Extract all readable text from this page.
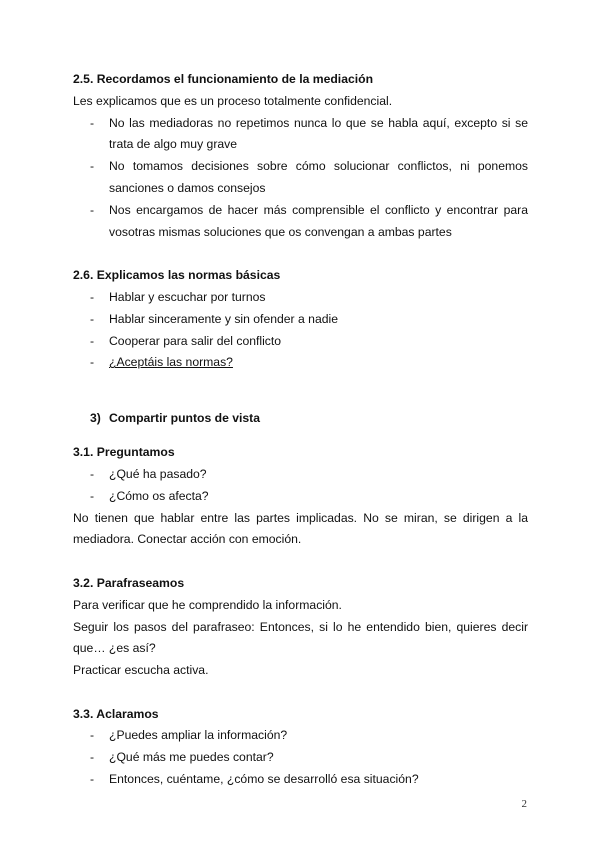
2.5. Recordamos el funcionamiento de la mediación

Les explicamos que es un proceso totalmente confidencial.

- No las mediadoras no repetimos nunca lo que se habla aquí, excepto si se trata de algo muy grave
- No tomamos decisiones sobre cómo solucionar conflictos, ni ponemos sanciones o damos consejos
- Nos encargamos de hacer más comprensible el conflicto y encontrar para vosotras mismas soluciones que os convengan a ambas partes

2.6. Explicamos las normas básicas

- Hablar y escuchar por turnos
- Hablar sinceramente y sin ofender a nadie
- Cooperar para salir del conflicto
- ¿Aceptáis las normas?

3) Compartir puntos de vista

3.1. Preguntamos

- ¿Qué ha pasado?
- ¿Cómo os afecta?

No tienen que hablar entre las partes implicadas. No se miran, se dirigen a la mediadora. Conectar acción con emoción.

3.2. Parafraseamos

Para verificar que he comprendido la información.

Seguir los pasos del parafraseo: Entonces, si lo he entendido bien, quieres decir que… ¿es así?

Practicar escucha activa.

3.3. Aclaramos

- ¿Puedes ampliar la información?
- ¿Qué más me puedes contar?
- Entonces, cuéntame, ¿cómo se desarrolló esa situación?
2
